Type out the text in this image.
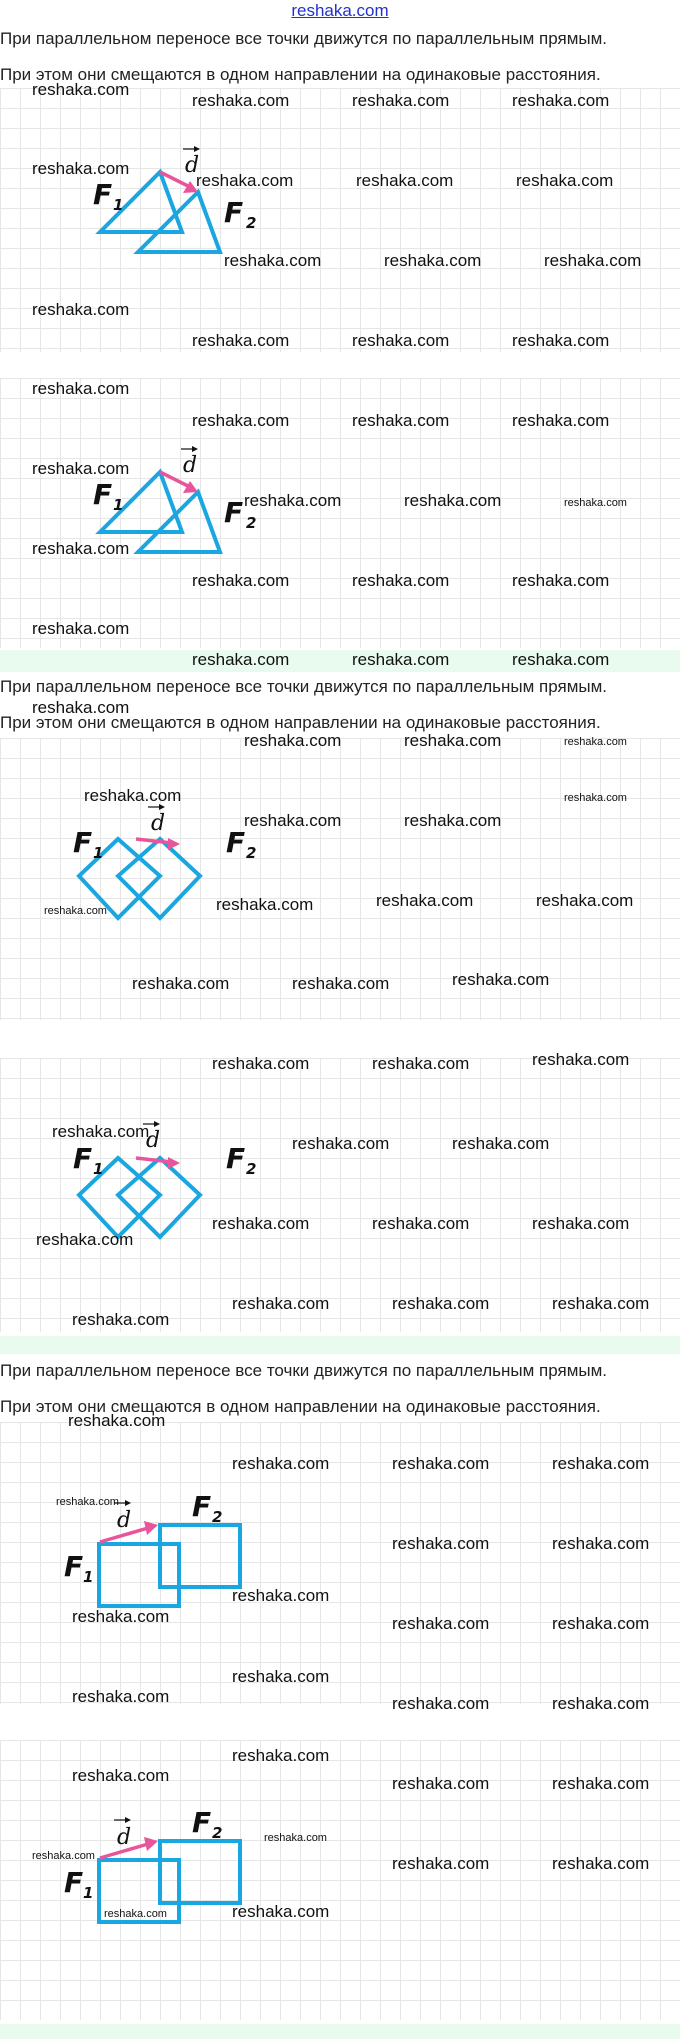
reshaka.com
При параллельном переносе все точки движутся по параллельным прямым.
При этом они смещаются в одном направлении на одинаковые расстояния.
d
F 1	F 2
d
F 1	F 2
При параллельном переносе все точки движутся по параллельным прямым.
При этом они смещаются в одном направлении на одинаковые расстояния.
d
F 1	F 2
d
F 1	F 2
При параллельном переносе все точки движутся по параллельным прямым.
При этом они смещаются в одном направлении на одинаковые расстояния.
d
F 1
F 2
d
F 1
F 2
reshaka.com
reshaka.com	reshaka.com	reshaka.com
reshaka.com
reshaka.com	reshaka.com	reshaka.com
reshaka.com	reshaka.com	reshaka.com
reshaka.com
reshaka.com	reshaka.com	reshaka.com
reshaka.com
reshaka.com	reshaka.com	reshaka.com
reshaka.com
reshaka.com	reshaka.com	reshaka.com
reshaka.com
reshaka.com	reshaka.com	reshaka.com
reshaka.com
reshaka.com	reshaka.com	reshaka.com
reshaka.com
reshaka.com	reshaka.com	reshaka.com
reshaka.com	reshaka.com
reshaka.com	reshaka.com
reshaka.com	reshaka.com	reshaka.com	reshaka.com
reshaka.com	reshaka.com	reshaka.com
reshaka.com	reshaka.com	reshaka.com
reshaka.com
reshaka.com	reshaka.com
reshaka.com
reshaka.com	reshaka.com	reshaka.com
reshaka.com	reshaka.com	reshaka.com
reshaka.com
reshaka.com
reshaka.com	reshaka.com	reshaka.com
reshaka.com
reshaka.com	reshaka.com
reshaka.com
reshaka.com	reshaka.com	reshaka.com
reshaka.com
reshaka.com	reshaka.com	reshaka.com
reshaka.com
reshaka.com	reshaka.com	reshaka.com
reshaka.com
reshaka.com	reshaka.com	reshaka.com
reshaka.com	reshaka.com
